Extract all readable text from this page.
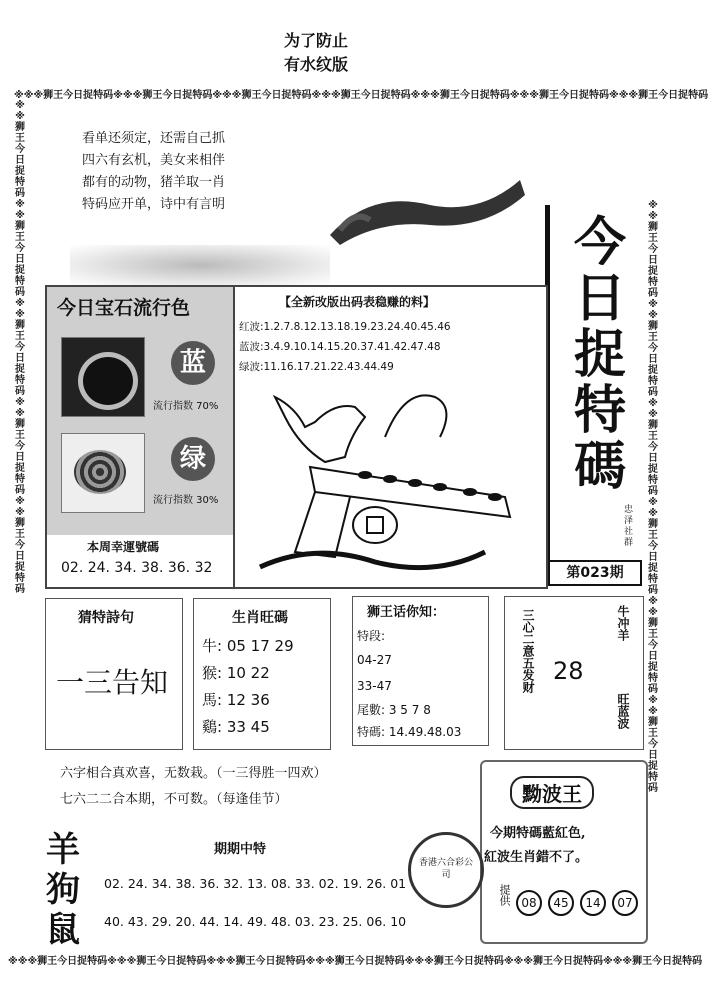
为了防止
有水纹版
※※※狮王今日捉特码※※※狮王今日捉特码※※※狮王今日捉特码※※※狮王今日捉特码※※※狮王今日捉特码※※※狮王今日捉特码※※※狮王今日捉特码
※※※狮王今日捉特码※※※狮王今日捉特码※※※狮王今日捉特码※※※狮王今日捉特码※※※狮王今日捉特码※※※狮王今日捉特码※※※狮王今日捉特码
※※狮王今日捉特码※※狮王今日捉特码※※狮王今日捉特码※※狮王今日捉特码※※狮王今日捉特码
※※狮王今日捉特码※※狮王今日捉特码※※狮王今日捉特码※※狮王今日捉特码※※狮王今日捉特码※※狮王今日捉特码
看单还须定，还需自己抓
四六有玄机，美女来相伴
都有的动物，猪羊取一肖
特码应开单，诗中有言明
今
日
捉
特
碼
忠
泽
社
群
第023期
今日宝石流行色
蓝
流行指数 70%
绿
流行指数 30%
本周幸運號碼
02. 24. 34. 38. 36. 32
【全新改版出码表稳赚的料】
红波:1.2.7.8.12.13.18.19.23.24.40.45.46
蓝波:3.4.9.10.14.15.20.37.41.42.47.48
绿波:11.16.17.21.22.43.44.49
猜特詩句
一三告知
生肖旺碼
牛: 05 17 29
猴: 10 22
馬: 12 36
鷄: 33 45
狮王话你知：
特段:
04-27
33-47
尾數: 3 5 7 8
特碼: 14.49.48.03
三心二意五发财 28
牛冲羊
旺蓝波
六字相合真欢喜，无数栽。（一三得胜一四欢）
七六二二合本期，不可数。（每逢佳节）	黝波王
今期特碼藍紅色,
紅波生肖錯不了。
提供 08 45 14 07
香港六合彩公司
羊
狗
鼠
期期中特
02. 24. 34. 38. 36. 32. 13. 08. 33. 02. 19. 26. 01
40. 43. 29. 20. 44. 14. 49. 48. 03. 23. 25. 06. 10
